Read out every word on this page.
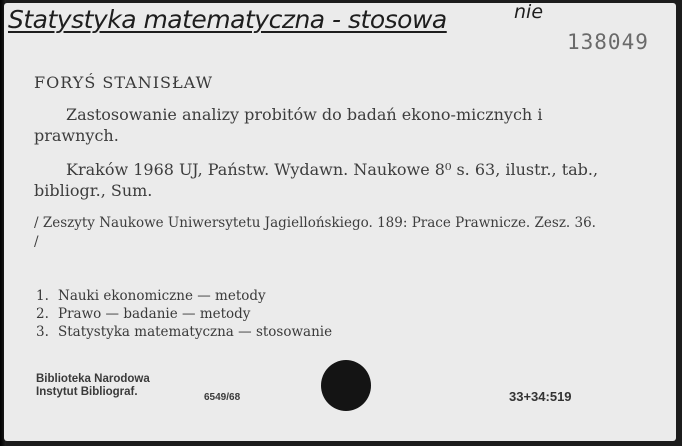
Statystyka matematyczna - stosowa	nie
138049
FORYŚ STANISŁAW

Zastosowanie analizy probitów do badań ekono-micznych i prawnych.

Kraków 1968 UJ, Państw. Wydawn. Naukowe 8⁰ s. 63, ilustr., tab., bibliogr., Sum.

/ Zeszyty Naukowe Uniwersytetu Jagiellońskiego. 189: Prace Prawnicze. Zesz. 36. /

1. Nauki ekonomiczne — metody
2. Prawo — badanie — metody
3. Statystyka matematyczna — stosowanie
Biblioteka Narodowa
Instytut Bibliograf.	6549/68	33+34:519
